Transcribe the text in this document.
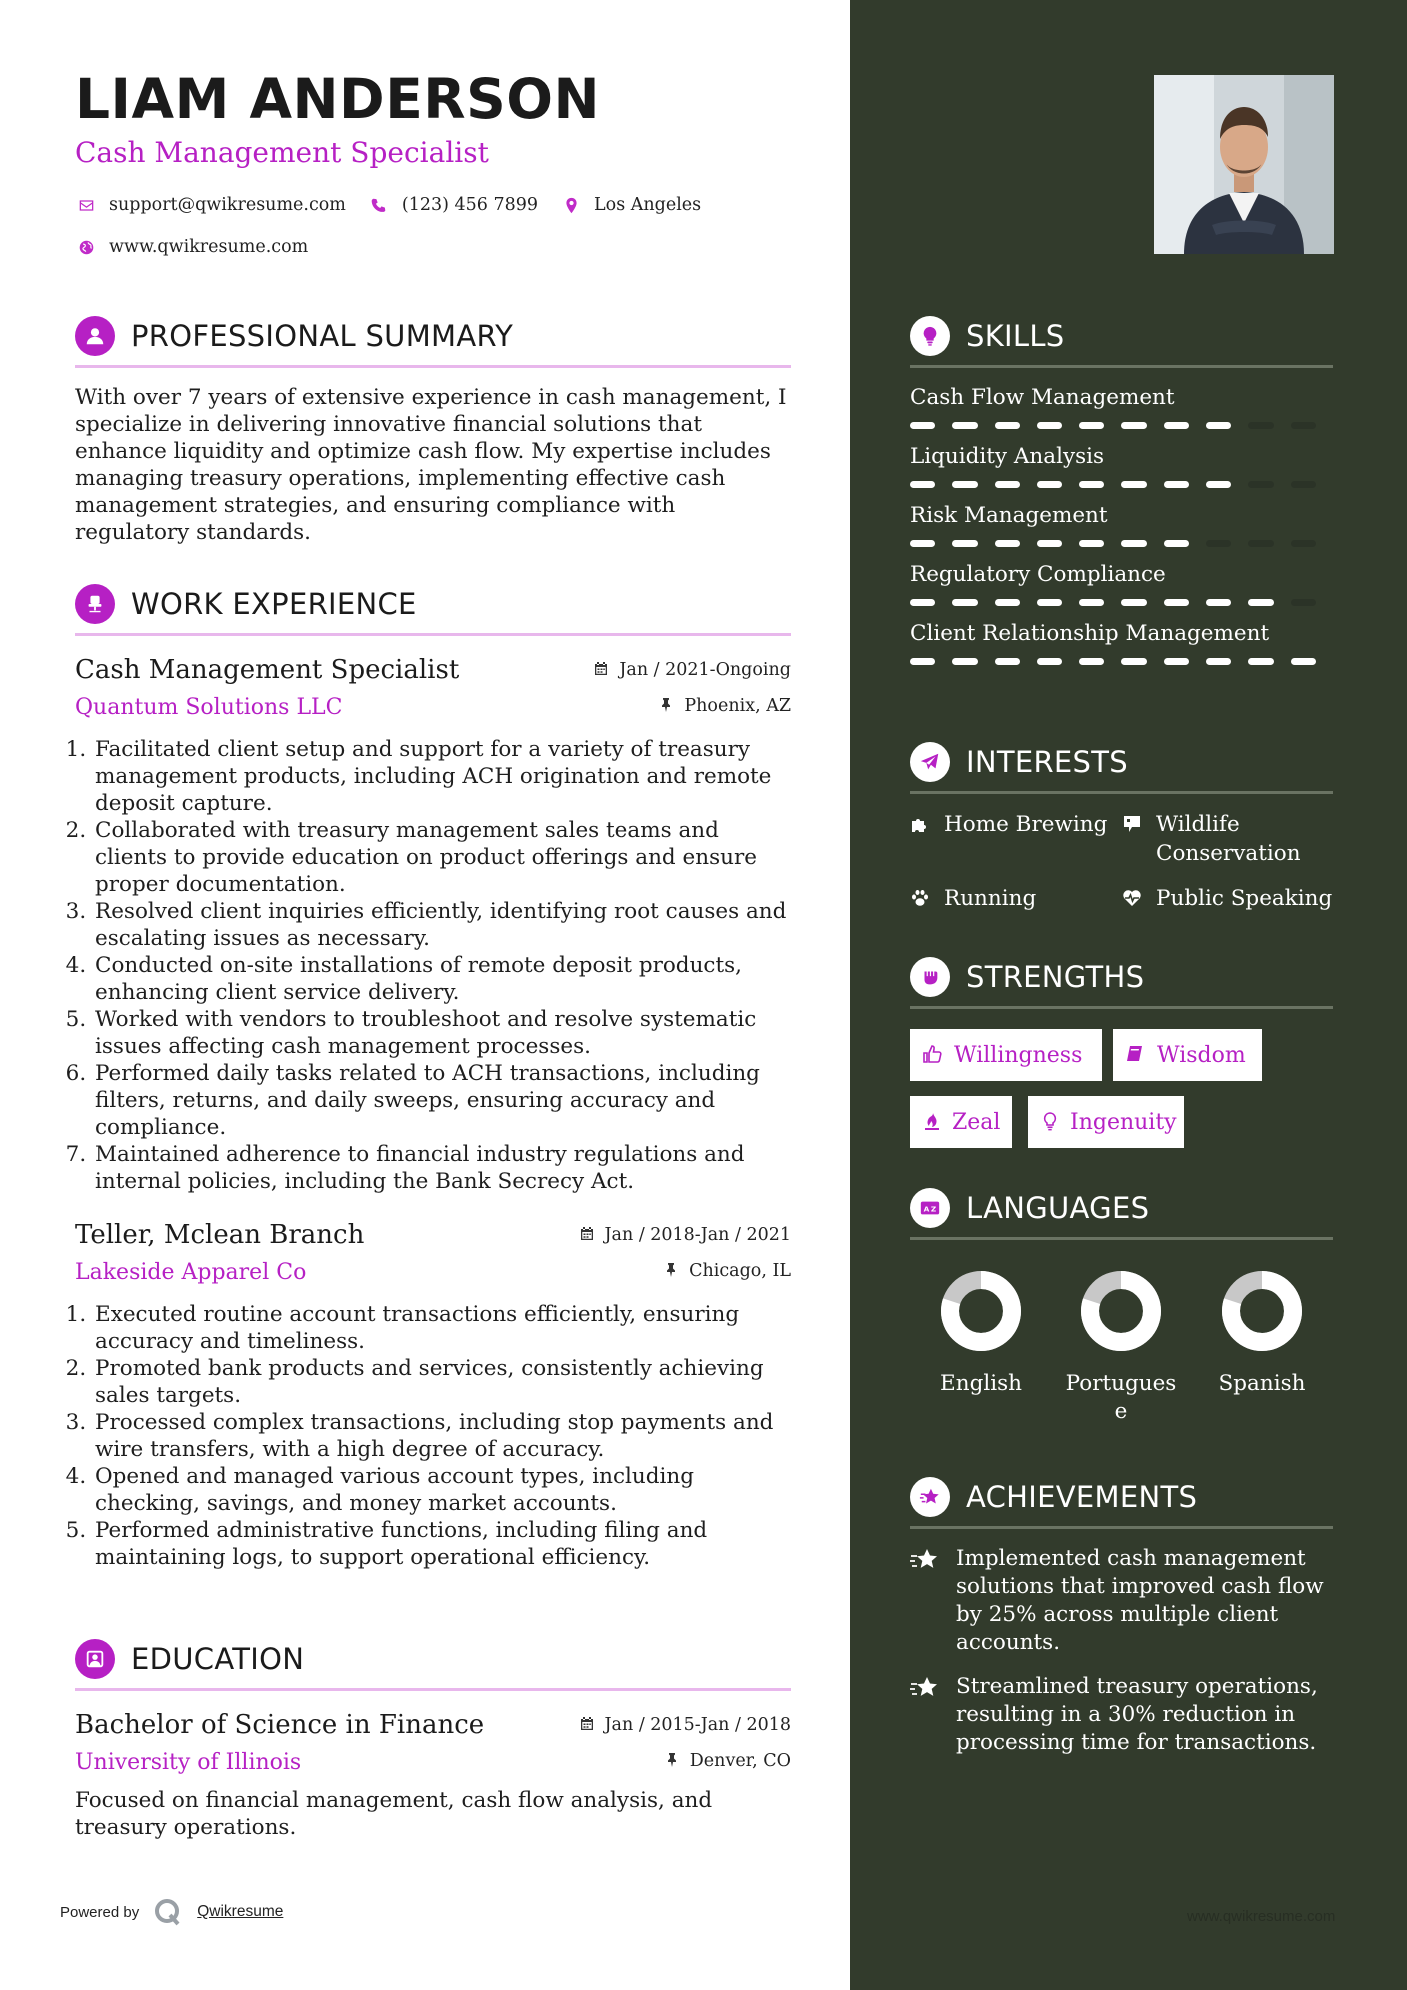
LIAM ANDERSON
Cash Management Specialist
support@qwikresume.com	(123) 456 7899	Los Angeles
www.qwikresume.com
PROFESSIONAL SUMMARY
With over 7 years of extensive experience in cash management, I specialize in delivering innovative financial solutions that enhance liquidity and optimize cash flow. My expertise includes managing treasury operations, implementing effective cash management strategies, and ensuring compliance with regulatory standards.
WORK EXPERIENCE
Cash Management Specialist
Quantum Solutions LLC
Jan / 2021-Ongoing
Phoenix, AZ
1. Facilitated client setup and support for a variety of treasury management products, including ACH origination and remote deposit capture.
2. Collaborated with treasury management sales teams and clients to provide education on product offerings and ensure proper documentation.
3. Resolved client inquiries efficiently, identifying root causes and escalating issues as necessary.
4. Conducted on-site installations of remote deposit products, enhancing client service delivery.
5. Worked with vendors to troubleshoot and resolve systematic issues affecting cash management processes.
6. Performed daily tasks related to ACH transactions, including filters, returns, and daily sweeps, ensuring accuracy and compliance.
7. Maintained adherence to financial industry regulations and internal policies, including the Bank Secrecy Act.
Teller, Mclean Branch
Lakeside Apparel Co
Jan / 2018-Jan / 2021
Chicago, IL
1. Executed routine account transactions efficiently, ensuring accuracy and timeliness.
2. Promoted bank products and services, consistently achieving sales targets.
3. Processed complex transactions, including stop payments and wire transfers, with a high degree of accuracy.
4. Opened and managed various account types, including checking, savings, and money market accounts.
5. Performed administrative functions, including filing and maintaining logs, to support operational efficiency.
EDUCATION
Bachelor of Science in Finance
University of Illinois
Jan / 2015-Jan / 2018
Denver, CO
Focused on financial management, cash flow analysis, and treasury operations.
Powered by	Qwikresume
SKILLS
Cash Flow Management
Liquidity Analysis
Risk Management
Regulatory Compliance
Client Relationship Management
INTERESTS
Home Brewing Wildlife Conservation
Running	Public Speaking
STRENGTHS
Willingness	Wisdom
Zeal	Ingenuity
A Z LANGUAGES
English	Portuguese
Spanish
ACHIEVEMENTS
Implemented cash management solutions that improved cash flow by 25% across multiple client accounts.
Streamlined treasury operations, resulting in a 30% reduction in processing time for transactions.
www.qwikresume.com
